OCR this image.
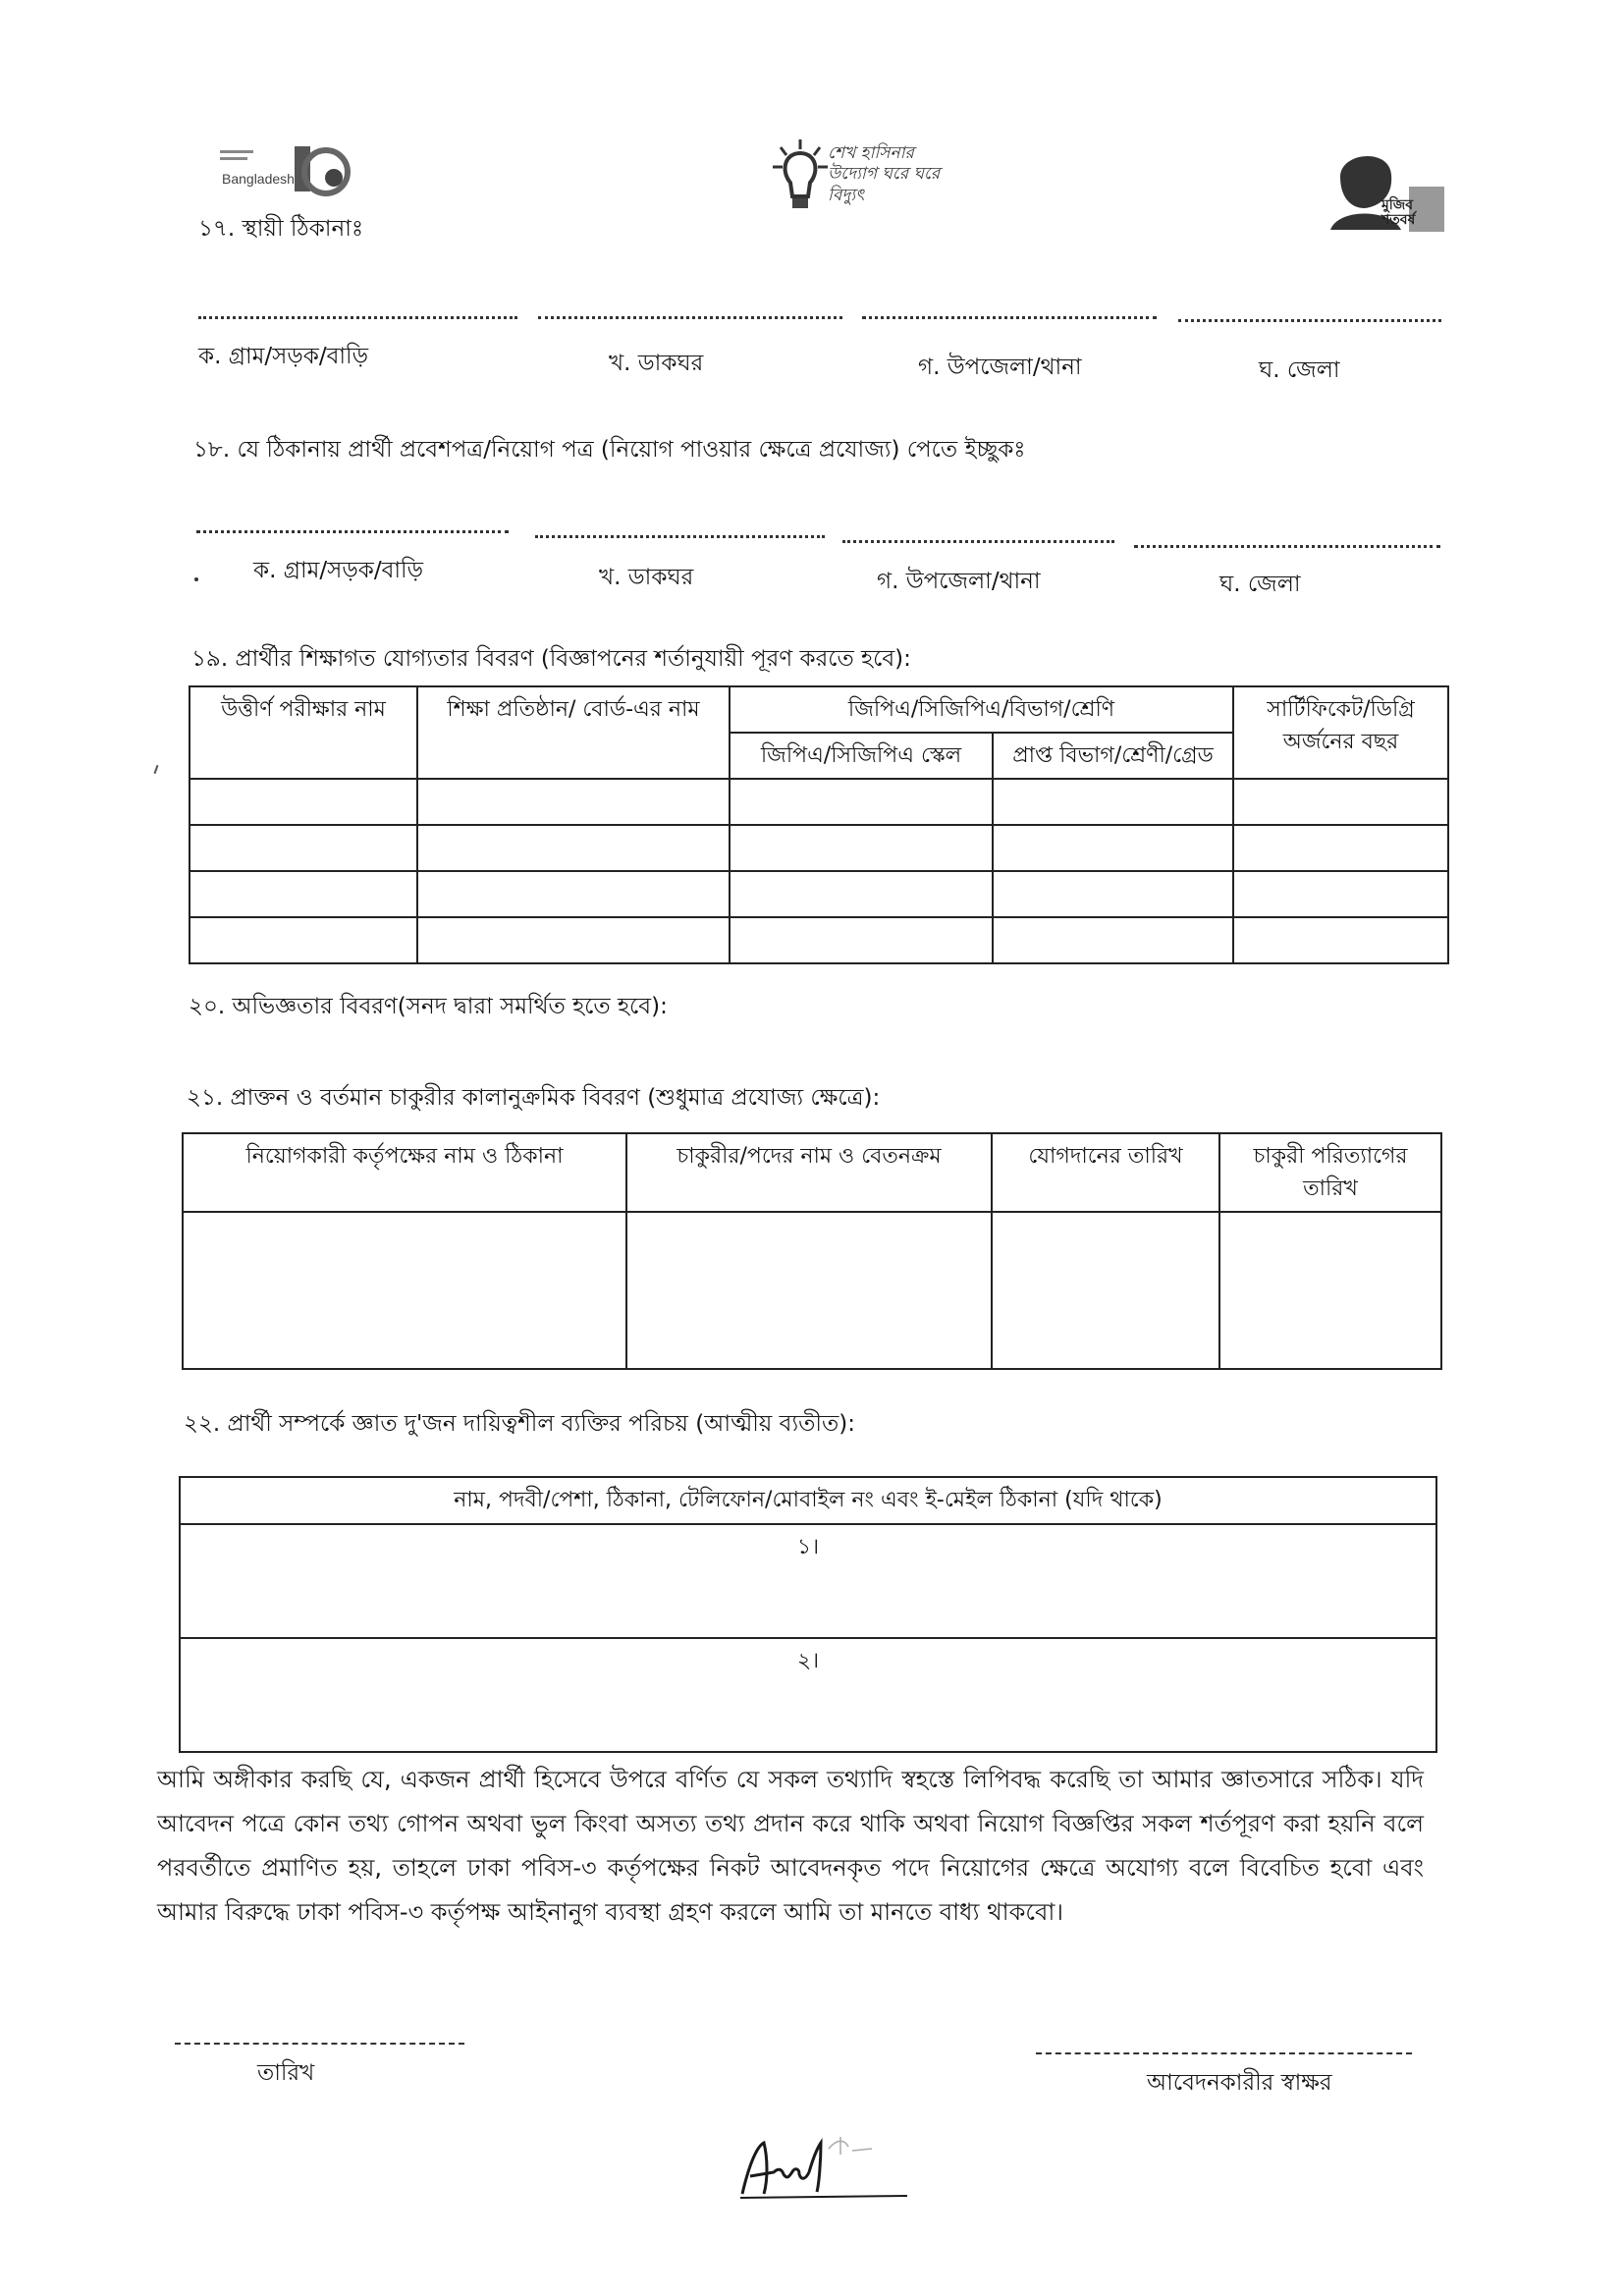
Bangladesh
শেখ হাসিনার উদ্যোগ ঘরে ঘরে বিদ্যুৎ
মুজিব শতবর্ষ
১৭. স্থায়ী ঠিকানাঃ
ক. গ্রাম/সড়ক/বাড়ি	খ. ডাকঘর	গ. উপজেলা/থানা	ঘ. জেলা
১৮. যে ঠিকানায় প্রার্থী প্রবেশপত্র/নিয়োগ পত্র (নিয়োগ পাওয়ার ক্ষেত্রে প্রযোজ্য) পেতে ইচ্ছুকঃ
ক. গ্রাম/সড়ক/বাড়ি	খ. ডাকঘর	গ. উপজেলা/থানা	ঘ. জেলা
১৯. প্রার্থীর শিক্ষাগত যোগ্যতার বিবরণ (বিজ্ঞাপনের শর্তানুযায়ী পূরণ করতে হবে):
উত্তীর্ণ পরীক্ষার নাম	শিক্ষা প্রতিষ্ঠান/ বোর্ড-এর নাম	জিপিএ/সিজিপিএ/বিভাগ/শ্রেণি		সার্টিফিকেট/ডিগ্রি অর্জনের বছর
		জিপিএ/সিজিপিএ স্কেল	প্রাপ্ত বিভাগ/শ্রেণী/গ্রেড	

২০. অভিজ্ঞতার বিবরণ(সনদ দ্বারা সমর্থিত হতে হবে):
২১. প্রাক্তন ও বর্তমান চাকুরীর কালানুক্রমিক বিবরণ (শুধুমাত্র প্রযোজ্য ক্ষেত্রে):
নিয়োগকারী কর্তৃপক্ষের নাম ও ঠিকানা	চাকুরীর/পদের নাম ও বেতনক্রম	যোগদানের তারিখ	চাকুরী পরিত্যাগের তারিখ

২২. প্রার্থী সম্পর্কে জ্ঞাত দু'জন দায়িত্বশীল ব্যক্তির পরিচয় (আত্মীয় ব্যতীত):
নাম, পদবী/পেশা, ঠিকানা, টেলিফোন/মোবাইল নং এবং ই-মেইল ঠিকানা (যদি থাকে)
১।
২।
আমি অঙ্গীকার করছি যে, একজন প্রার্থী হিসেবে উপরে বর্ণিত যে সকল তথ্যাদি স্বহস্তে লিপিবদ্ধ করেছি তা আমার জ্ঞাতসারে সঠিক। যদি আবেদন পত্রে কোন তথ্য গোপন অথবা ভুল কিংবা অসত্য তথ্য প্রদান করে থাকি অথবা নিয়োগ বিজ্ঞপ্তির সকল শর্তপূরণ করা হয়নি বলে পরবর্তীতে প্রমাণিত হয়, তাহলে ঢাকা পবিস-৩ কর্তৃপক্ষের নিকট আবেদনকৃত পদে নিয়োগের ক্ষেত্রে অযোগ্য বলে বিবেচিত হবো এবং আমার বিরুদ্ধে ঢাকা পবিস-৩ কর্তৃপক্ষ আইনানুগ ব্যবস্থা গ্রহণ করলে আমি তা মানতে বাধ্য থাকবো।
তারিখ	আবেদনকারীর স্বাক্ষর
